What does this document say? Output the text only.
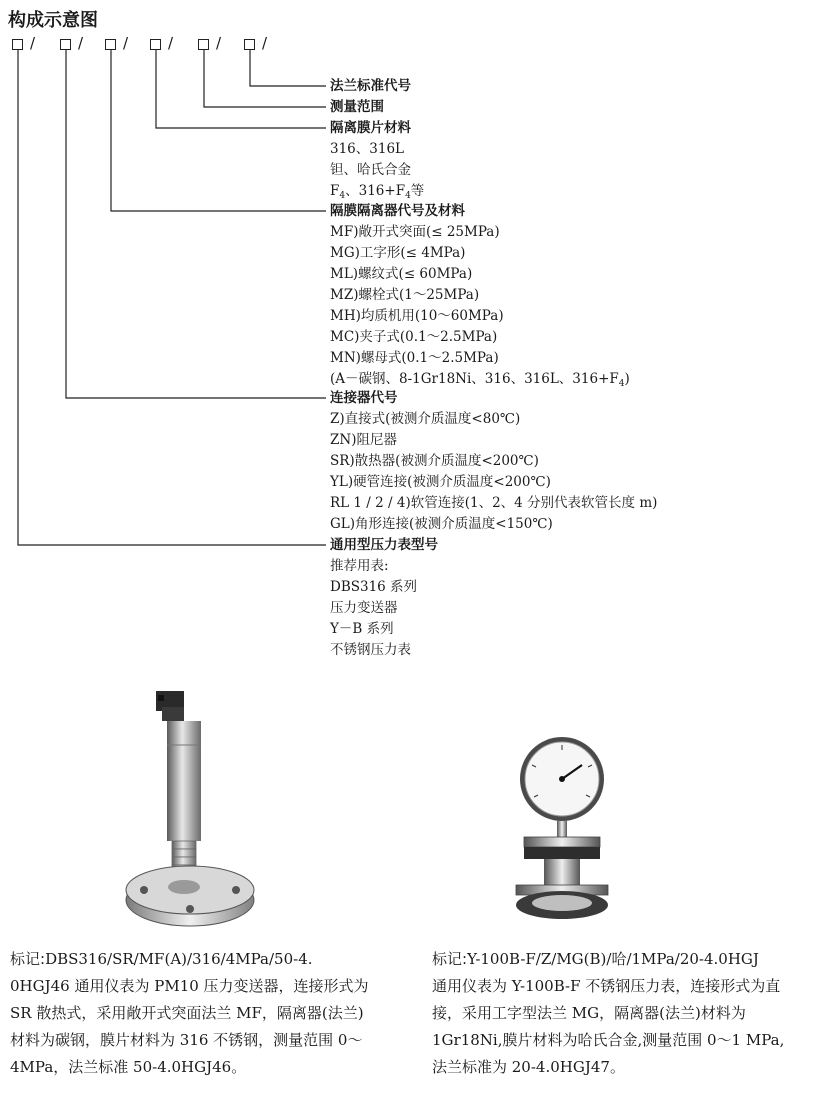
构成示意图
/	/	/	/	/	/
法兰标准代号
测量范围
隔离膜片材料
316、316L
钽、哈氏合金
$F_4$、$316+F_4$等
隔膜隔离器代号及材料
MF)敞开式突面(≤ 25MPa)
MG)工字形(≤ 4MPa)
ML)螺纹式(≤ 60MPa)
MZ)螺栓式(1～25MPa)
MH)均质机用(10～60MPa)
MC)夹子式(0.1～2.5MPa)
MN)螺母式(0.1～2.5MPa)
(A－碳钢、8-1Gr18Ni、316、316L、$316+F_4$)
连接器代号
Z)直接式(被测介质温度<80℃)
ZN)阻尼器
SR)散热器(被测介质温度<200℃)
YL)硬管连接(被测介质温度<200℃)
RL 1 / 2 / 4)软管连接(1、2、4 分别代表软管长度 m)
GL)角形连接(被测介质温度<150℃)
通用型压力表型号
推荐用表:
DBS316 系列
压力变送器
Y－B 系列
不锈钢压力表
标记:DBS316/SR/MF(A)/316/4MPa/50-4.
0HGJ46 通用仪表为 PM10 压力变送器，连接形式为
SR 散热式，采用敞开式突面法兰 MF，隔离器(法兰)
材料为碳钢，膜片材料为 316 不锈钢，测量范围 0～
4MPa，法兰标准 50-4.0HGJ46。
标记:Y-100B-F/Z/MG(B)/哈/1MPa/20-4.0HGJ
通用仪表为 Y-100B-F 不锈钢压力表，连接形式为直
接，采用工字型法兰 MG，隔离器(法兰)材料为
1Gr18Ni,膜片材料为哈氏合金,测量范围 0～1 MPa,
法兰标准为 20-4.0HGJ47。
